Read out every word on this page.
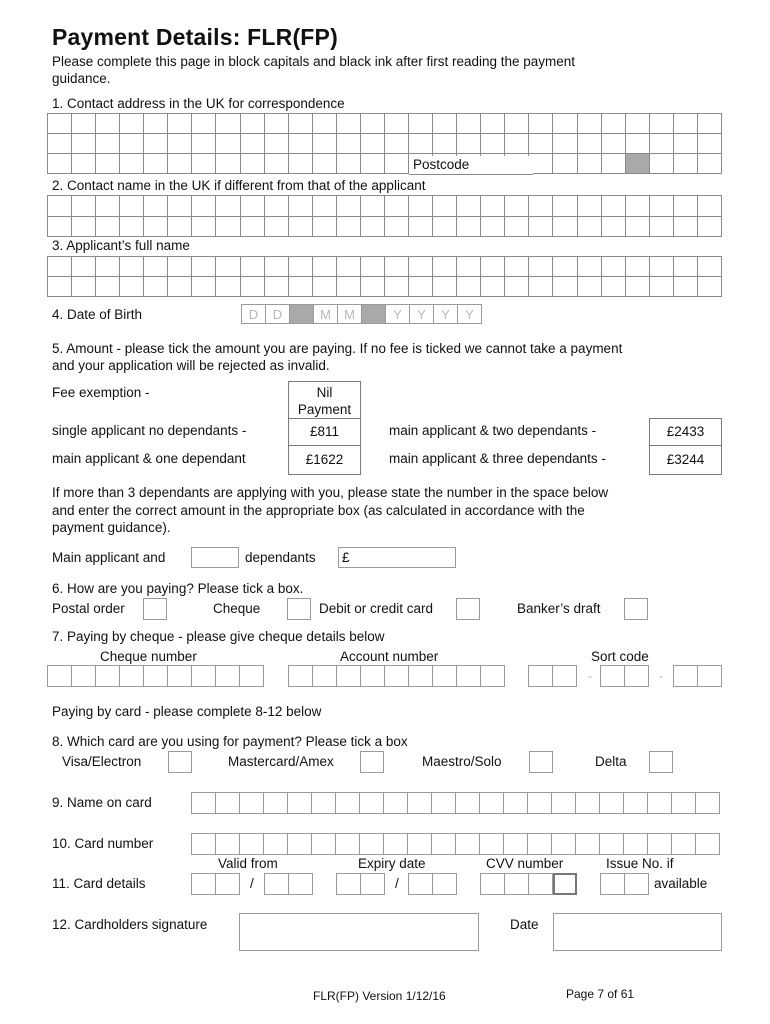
Payment Details: FLR(FP)
Please complete this page in block capitals and black ink after first reading the payment
guidance.
1. Contact address in the UK for correspondence
Postcode
2. Contact name in the UK if different from that of the applicant
3. Applicant’s full name
4. Date of Birth	D	D	M	M	Y	Y	Y	Y
5. Amount - please tick the amount you are paying. If no fee is ticked we cannot take a payment
and your application will be rejected as invalid.
Fee exemption -	Nil
Payment
single applicant no dependants -	£811
main applicant & one dependant	£1622
main applicant & two dependants -	£2433
main applicant & three dependants -	£3244
If more than 3 dependants are applying with you, please state the number in the space below
and enter the correct amount in the appropriate box (as calculated in accordance with the
payment guidance).
Main applicant and	dependants £
6. How are you paying? Please tick a box.
Postal order	Cheque	Debit or credit card	Banker’s draft
7. Paying by cheque - please give cheque details below
Cheque number	Account number	Sort code
-	-
Paying by card - please complete 8-12 below
8. Which card are you using for payment? Please tick a box
Visa/Electron	Mastercard/Amex	Maestro/Solo	Delta
9. Name on card
10. Card number
Valid from	Expiry date	CVV number	Issue No. if
11. Card details	/	/	available
12. Cardholders signature	Date
FLR(FP) Version 1/12/16	Page 7 of 61
